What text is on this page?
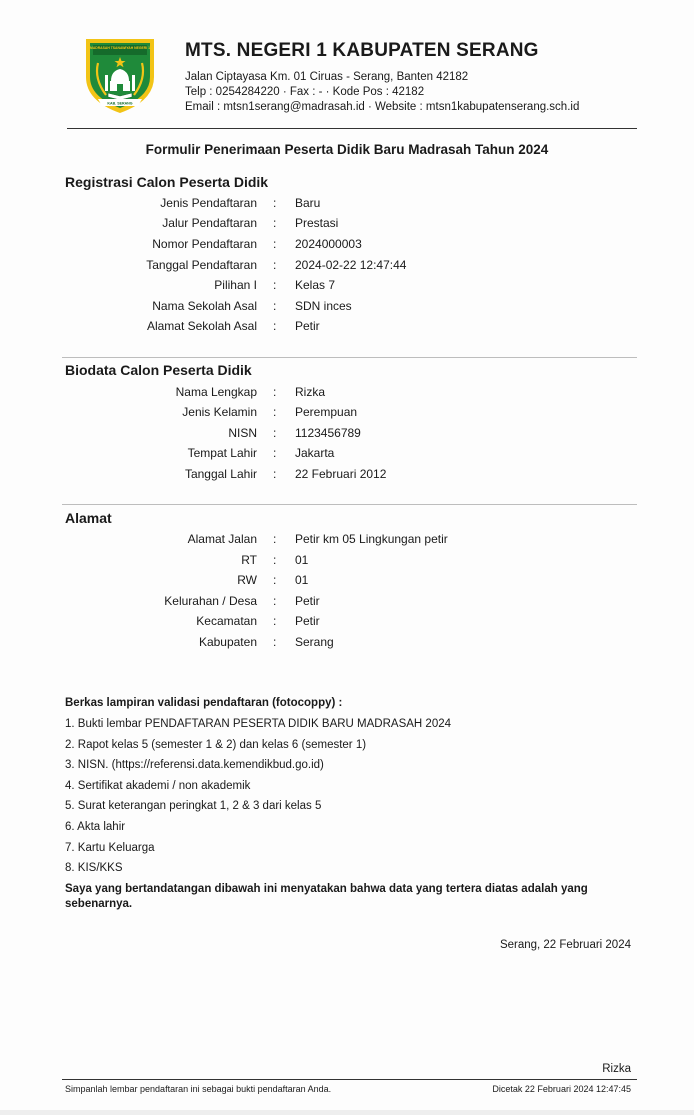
MADRASAH TSANAWIYAH NEGERI 1
KAB. SERANG
MTS. NEGERI 1 KABUPATEN SERANG
Jalan Ciptayasa Km. 01 Ciruas - Serang, Banten 42182
Telp : 0254284220 · Fax : - · Kode Pos : 42182
Email : mtsn1serang@madrasah.id · Website : mtsn1kabupatenserang.sch.id
Formulir Penerimaan Peserta Didik Baru Madrasah Tahun 2024
Registrasi Calon Peserta Didik
Jenis Pendaftaran : Baru
Jalur Pendaftaran : Prestasi
Nomor Pendaftaran : 2024000003
Tanggal Pendaftaran : 2024-02-22 12:47:44
Pilihan I : Kelas 7
Nama Sekolah Asal : SDN inces
Alamat Sekolah Asal : Petir
Biodata Calon Peserta Didik
Nama Lengkap : Rizka
Jenis Kelamin : Perempuan
NISN : 1123456789
Tempat Lahir : Jakarta
Tanggal Lahir : 22 Februari 2012
Alamat
Alamat Jalan : Petir km 05 Lingkungan petir
RT : 01
RW : 01
Kelurahan / Desa : Petir
Kecamatan : Petir
Kabupaten : Serang
Berkas lampiran validasi pendaftaran (fotocoppy) :
1. Bukti lembar PENDAFTARAN PESERTA DIDIK BARU MADRASAH 2024
2. Rapot kelas 5 (semester 1 & 2) dan kelas 6 (semester 1)
3. NISN. (https://referensi.data.kemendikbud.go.id)
4. Sertifikat akademi / non akademik
5. Surat keterangan peringkat 1, 2 & 3 dari kelas 5
6. Akta lahir
7. Kartu Keluarga
8. KIS/KKS
Saya yang bertandatangan dibawah ini menyatakan bahwa data yang tertera diatas adalah yang sebenarnya.
Serang, 22 Februari 2024
Rizka
Simpanlah lembar pendaftaran ini sebagai bukti pendaftaran Anda.	Dicetak 22 Februari 2024 12:47:45
